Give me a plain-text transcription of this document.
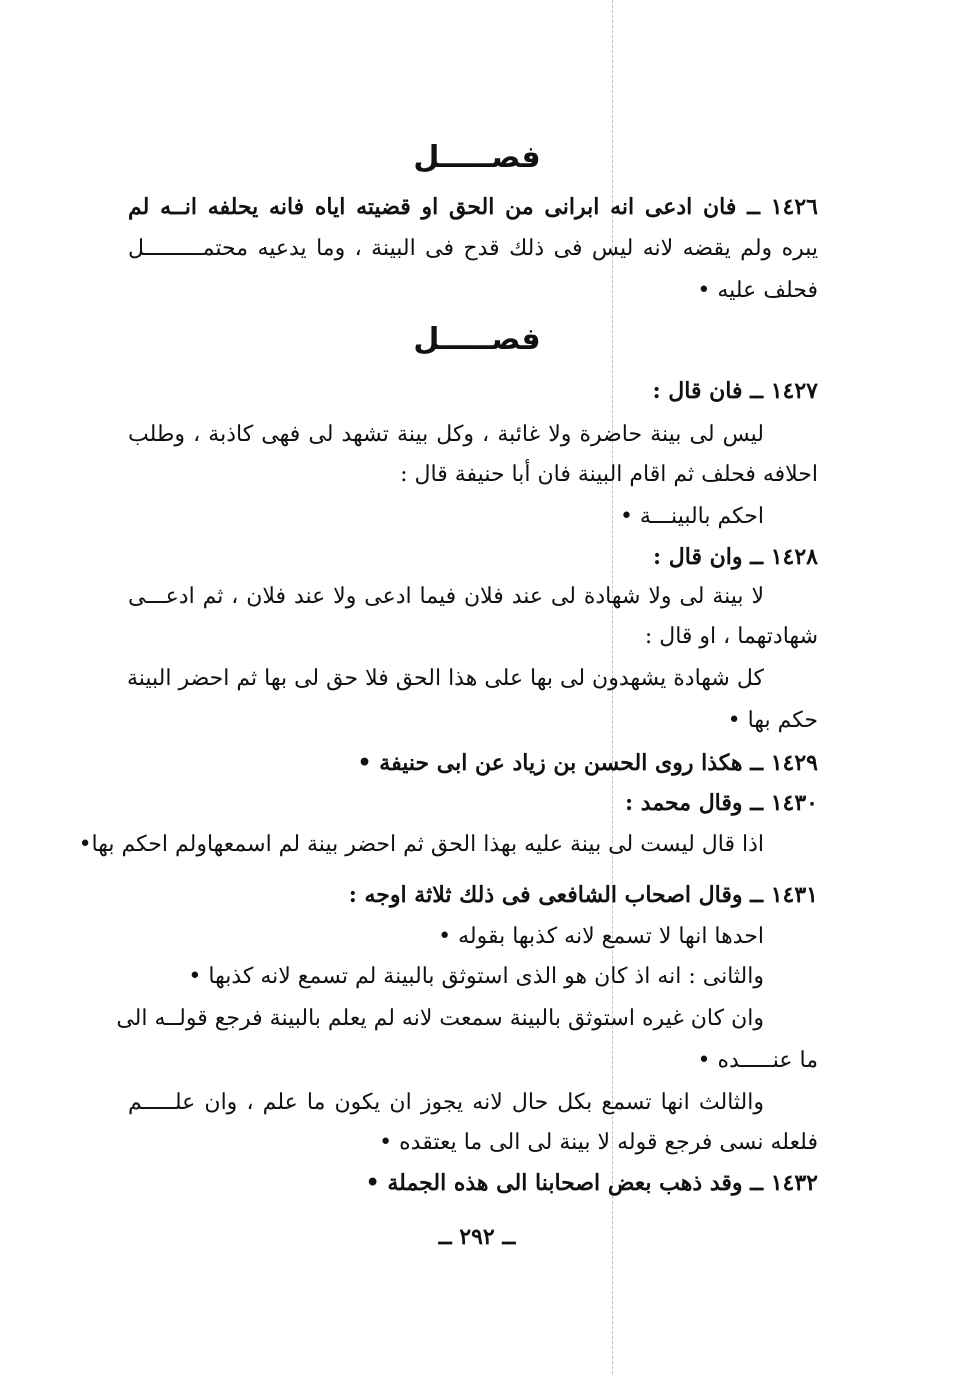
فصـــــل
١٤٢٦ ــ فان ادعى انه ابرانى من الحق او قضيته اياه فانه يحلفه انــه لم
يبره ولم يقضه لانه ليس فى ذلك قدح فى البينة ، وما يدعيه محتمـــــــــل
فحلف عليه •
فصـــــل
١٤٢٧ ــ فان قال :
ليس لى بينة حاضرة ولا غائبة ، وكل بينة تشهد لى فهى كاذبة ، وطلب
احلافه فحلف ثم اقام البينة فان أبا حنيفة قال :
احكم بالبينـــة •
١٤٢٨ ــ وان قال :
لا بينة لى ولا شهادة لى عند فلان فيما ادعى ولا عند فلان ، ثم ادعـــى
شهادتهما ، او قال :
كل شهادة يشهدون لى بها على هذا الحق فلا حق لى بها ثم احضر البينة
حكم بها •
١٤٢٩ ــ هكذا روى الحسن بن زياد عن ابى حنيفة •
١٤٣٠ ــ وقال محمد :
اذا قال ليست لى بينة عليه بهذا الحق ثم احضر بينة لم اسمعهاولم احكم بها•
١٤٣١ ــ وقال اصحاب الشافعى فى ذلك ثلاثة اوجه :
احدها انها لا تسمع لانه كذبها بقوله •
والثانى : انه اذ كان هو الذى استوثق بالبينة لم تسمع لانه كذبها •
وان كان غيره استوثق بالبينة سمعت لانه لم يعلم بالبينة فرجع قولــه الى
ما عنـــــده •
والثالث انها تسمع بكل حال لانه يجوز ان يكون ما علم ، وان علـــــم
فلعله نسى فرجع قوله لا بينة لى الى ما يعتقده •
١٤٣٢ ــ وقد ذهب بعض اصحابنا الى هذه الجملة •
ــ ٢٩٢ ــ
